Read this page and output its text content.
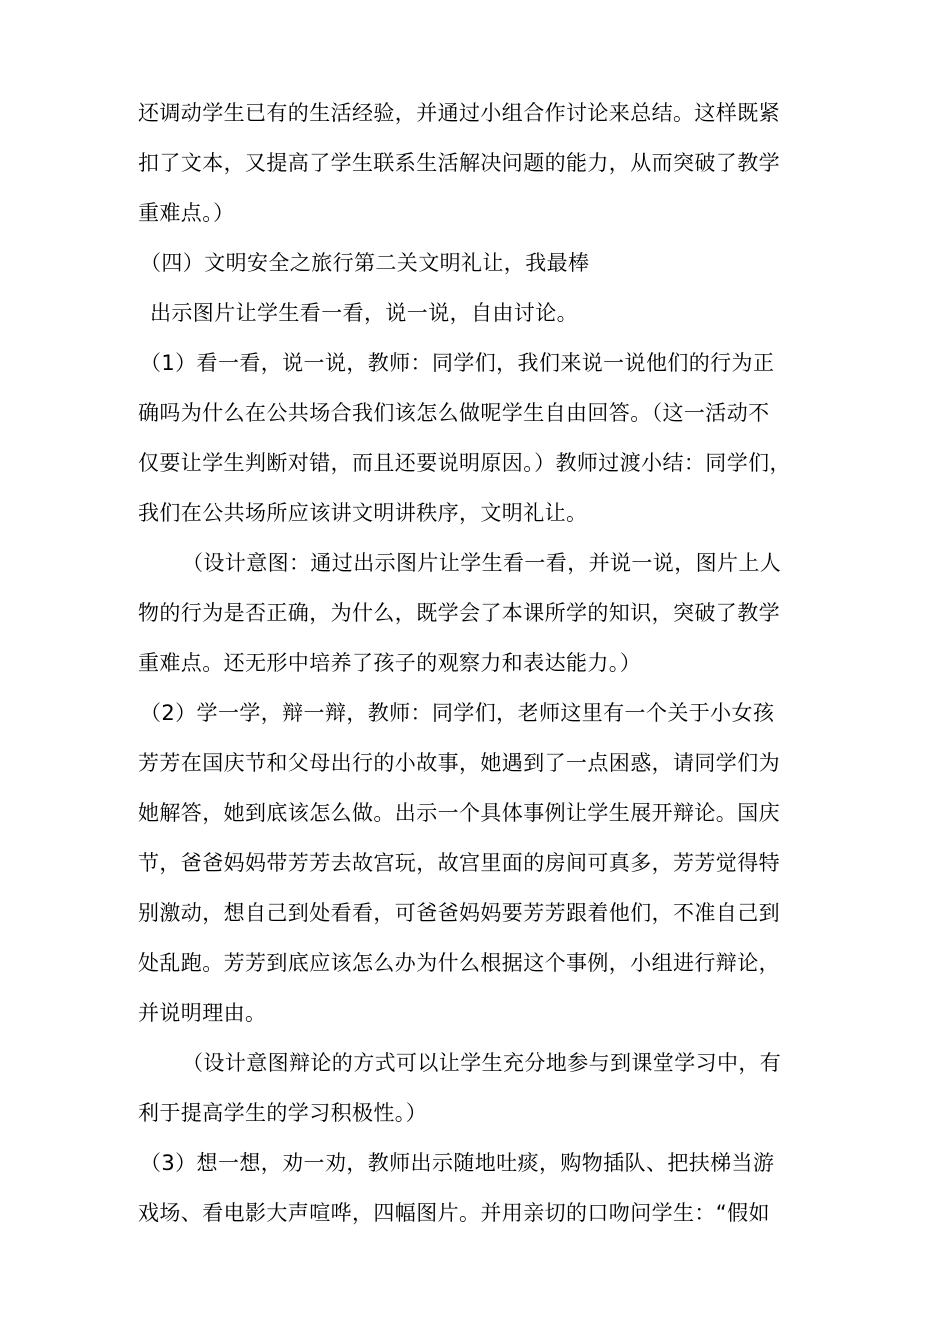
还调动学生已有的生活经验，并通过小组合作讨论来总结。这样既紧
扣了文本，又提高了学生联系生活解决问题的能力，从而突破了教学
重难点。）
（四）文明安全之旅行第二关文明礼让，我最棒
出示图片让学生看一看，说一说，自由讨论。
（1）看一看，说一说，教师：同学们，我们来说一说他们的行为正
确吗为什么在公共场合我们该怎么做呢学生自由回答。（这一活动不
仅要让学生判断对错，而且还要说明原因。）教师过渡小结：同学们，
我们在公共场所应该讲文明讲秩序，文明礼让。
（设计意图：通过出示图片让学生看一看，并说一说，图片上人
物的行为是否正确，为什么，既学会了本课所学的知识，突破了教学
重难点。还无形中培养了孩子的观察力和表达能力。）
（2）学一学，辩一辩，教师：同学们，老师这里有一个关于小女孩
芳芳在国庆节和父母出行的小故事，她遇到了一点困惑，请同学们为
她解答，她到底该怎么做。出示一个具体事例让学生展开辩论。国庆
节，爸爸妈妈带芳芳去故宫玩，故宫里面的房间可真多，芳芳觉得特
别激动，想自己到处看看，可爸爸妈妈要芳芳跟着他们，不准自己到
处乱跑。芳芳到底应该怎么办为什么根据这个事例，小组进行辩论，
并说明理由。
（设计意图辩论的方式可以让学生充分地参与到课堂学习中，有
利于提高学生的学习积极性。）
（3）想一想，劝一劝，教师出示随地吐痰，购物插队、把扶梯当游
戏场、看电影大声喧哗，四幅图片。并用亲切的口吻问学生：“假如
